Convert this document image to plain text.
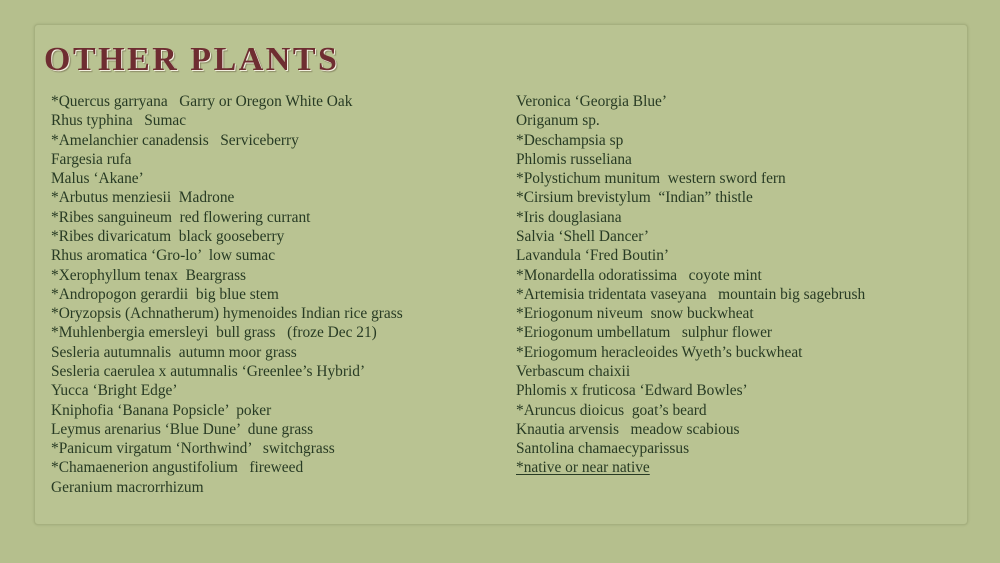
OTHER PLANTS
*Quercus garryana   Garry or Oregon White Oak
Rhus typhina   Sumac
*Amelanchier canadensis   Serviceberry
Fargesia rufa
Malus ‘Akane’
*Arbutus menziesii  Madrone
*Ribes sanguineum  red flowering currant
*Ribes divaricatum  black gooseberry
Rhus aromatica ‘Gro-lo’  low sumac
*Xerophyllum tenax  Beargrass
*Andropogon gerardii  big blue stem
*Oryzopsis (Achnatherum) hymenoides Indian rice grass
*Muhlenbergia emersleyi  bull grass   (froze Dec 21)
Sesleria autumnalis  autumn moor grass
Sesleria caerulea x autumnalis ‘Greenlee’s Hybrid’
Yucca ‘Bright Edge’
Kniphofia ‘Banana Popsicle’  poker
Leymus arenarius ‘Blue Dune’  dune grass
*Panicum virgatum ‘Northwind’   switchgrass
*Chamaenerion angustifolium   fireweed
Geranium macrorrhizum
Veronica ‘Georgia Blue’
Origanum sp.
*Deschampsia sp
Phlomis russeliana
*Polystichum munitum  western sword fern
*Cirsium brevistylum  “Indian” thistle
*Iris douglasiana
Salvia ‘Shell Dancer’
Lavandula ‘Fred Boutin’
*Monardella odoratissima   coyote mint
*Artemisia tridentata vaseyana   mountain big sagebrush
*Eriogonum niveum  snow buckwheat
*Eriogonum umbellatum   sulphur flower
*Eriogomum heracleoides Wyeth’s buckwheat
Verbascum chaixii
Phlomis x fruticosa ‘Edward Bowles’
*Aruncus dioicus  goat’s beard
Knautia arvensis   meadow scabious
Santolina chamaecyparissus
*native or near native
